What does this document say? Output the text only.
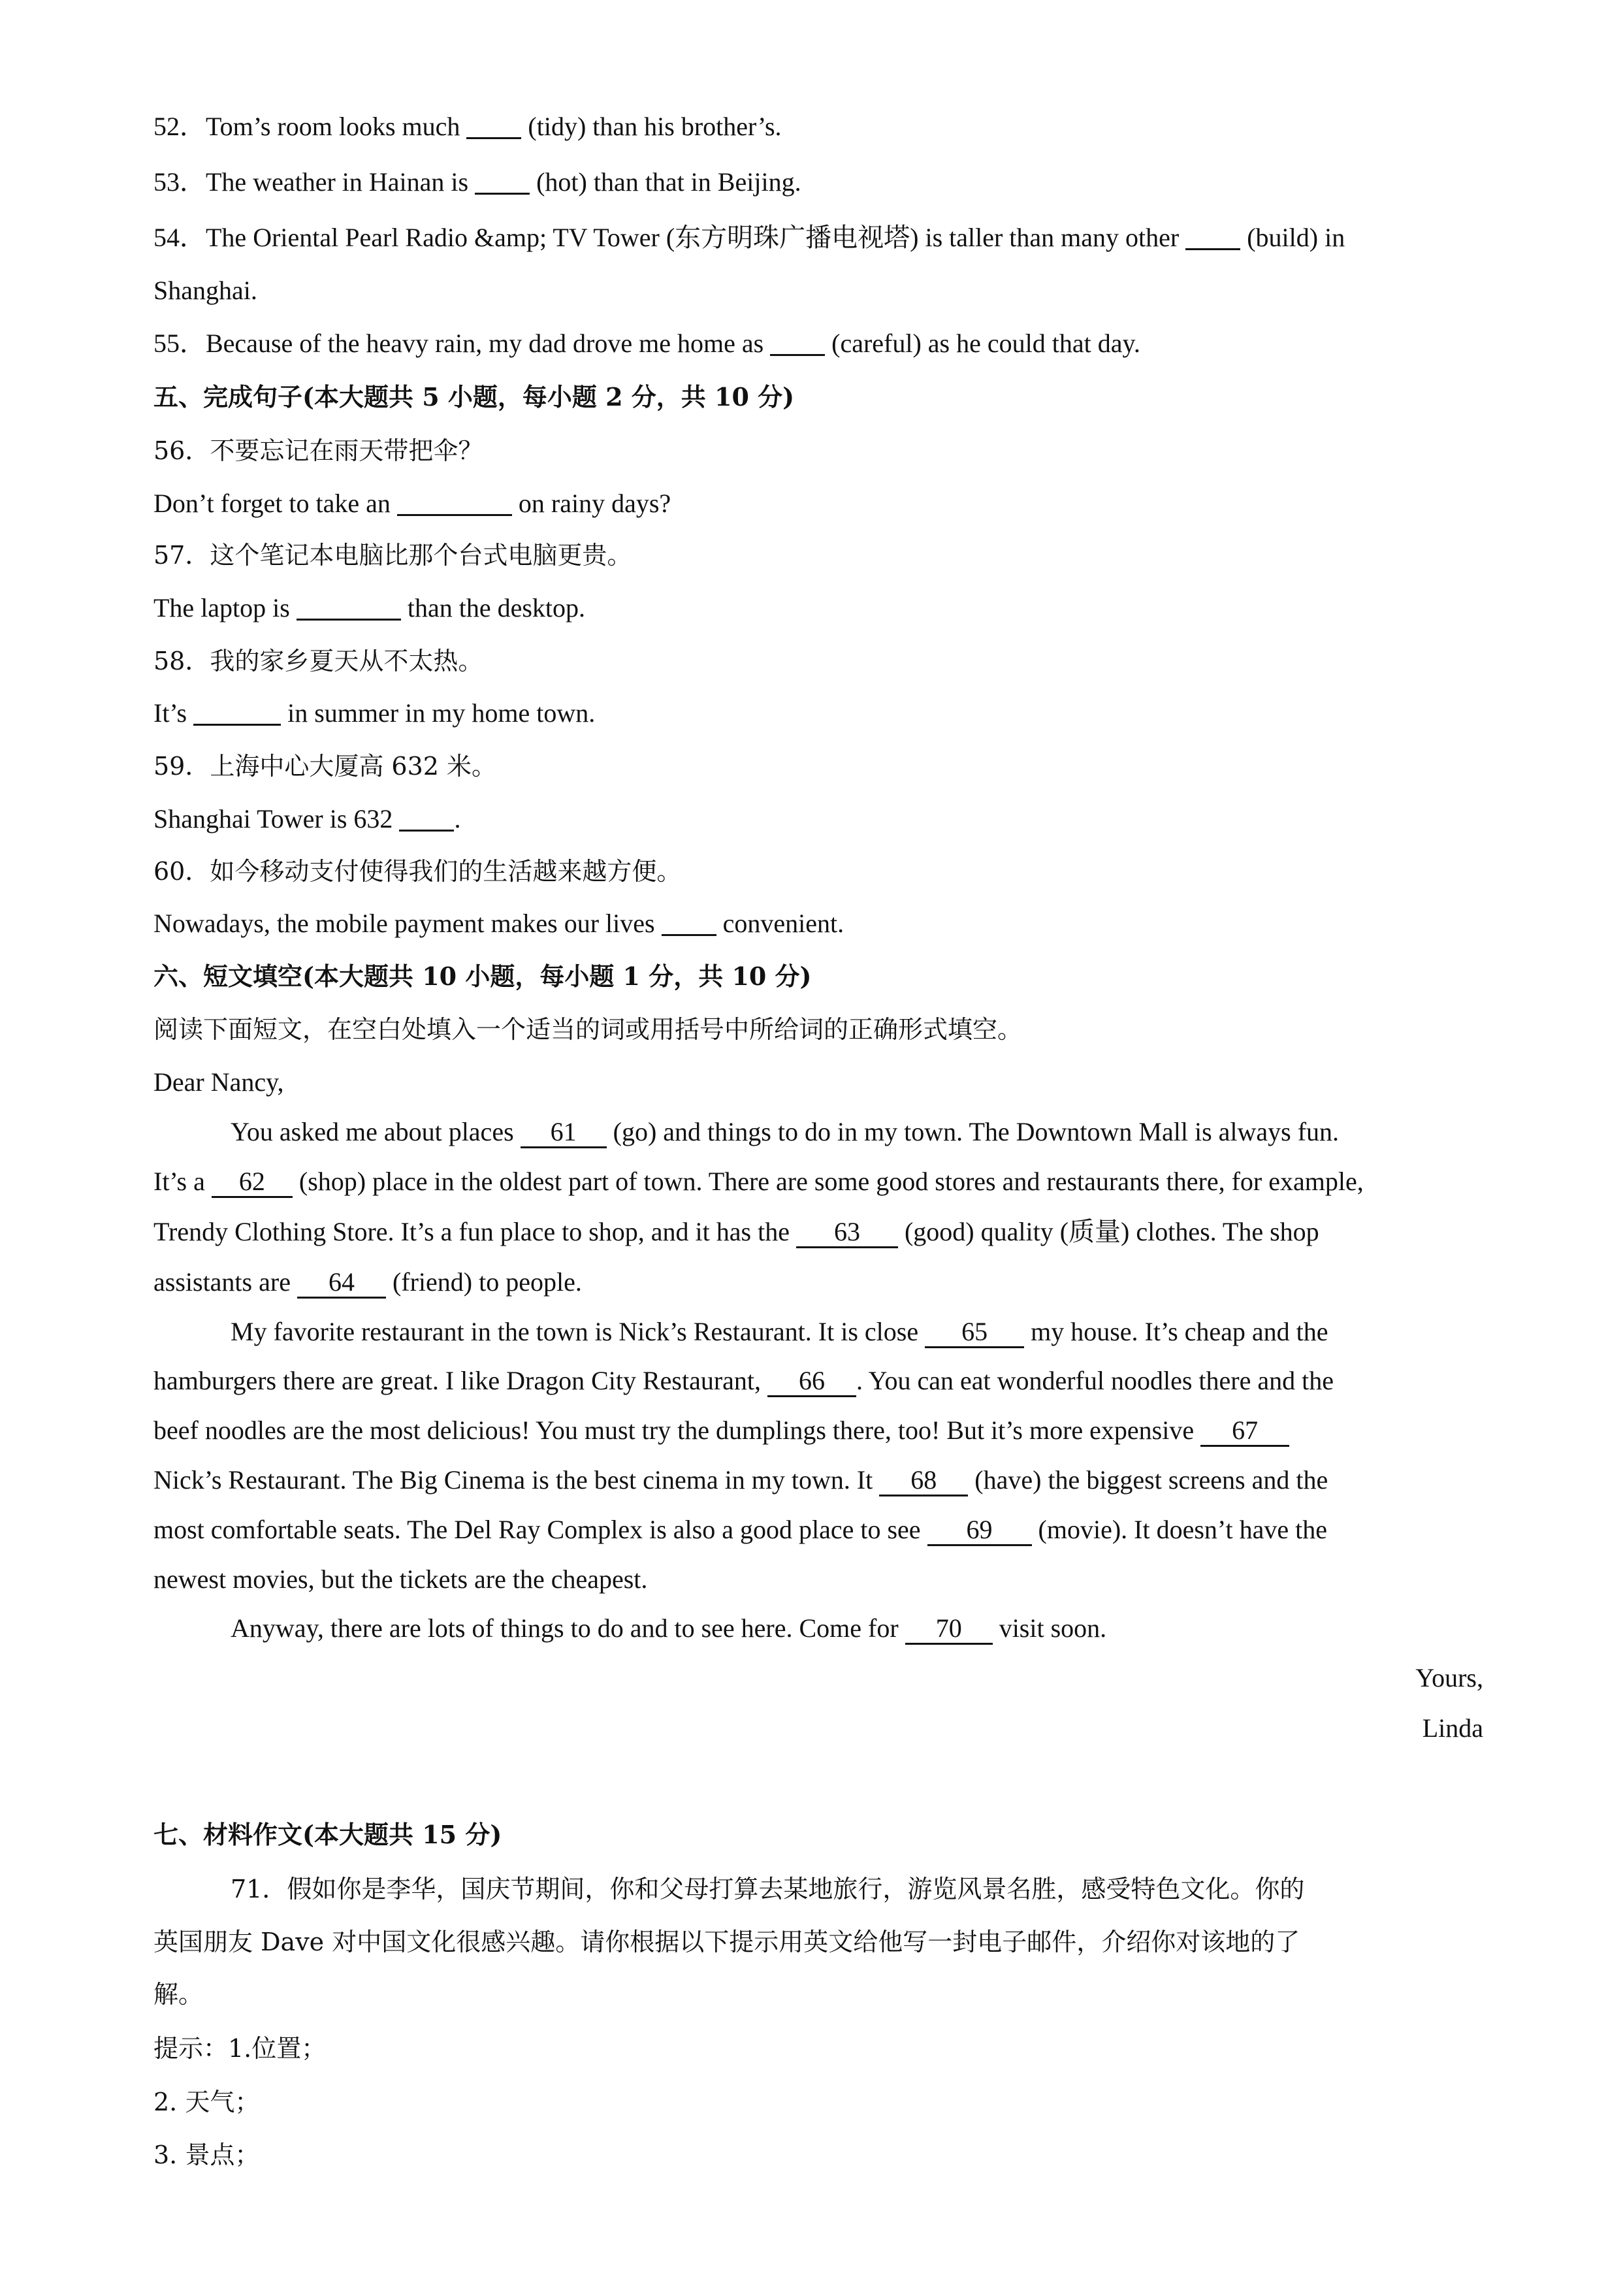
52．Tom’s room looks much  (tidy) than his brother’s.
53．The weather in Hainan is  (hot) than that in Beijing.
54．The Oriental Pearl Radio &amp; TV Tower (东方明珠广播电视塔) is taller than many other  (build) in
Shanghai.
55．Because of the heavy rain, my dad drove me home as  (careful) as he could that day.
五、完成句子(本大题共 5 小题，每小题 2 分，共 10 分)
56．不要忘记在雨天带把伞？
Don’t forget to take an	on rainy days?
57．这个笔记本电脑比那个台式电脑更贵。
The laptop is	than the desktop.
58．我的家乡夏天从不太热。
It’s	in summer in my home town.
59．上海中心大厦高 632 米。
Shanghai Tower is 632 .
60．如今移动支付使得我们的生活越来越方便。
Nowadays, the mobile payment makes our lives  convenient.
六、短文填空(本大题共 10 小题，每小题 1 分，共 10 分)
阅读下面短文，在空白处填入一个适当的词或用括号中所给词的正确形式填空。
Dear Nancy,
You asked me about places 61 (go) and things to do in my town. The Downtown Mall is always fun.
It’s a 62 (shop) place in the oldest part of town. There are some good stores and restaurants there, for example,
Trendy Clothing Store. It’s a fun place to shop, and it has the 63 (good) quality (质量) clothes. The shop
assistants are 64 (friend) to people.
My favorite restaurant in the town is Nick’s Restaurant. It is close 65 my house. It’s cheap and the
hamburgers there are great. I like Dragon City Restaurant, 66 . You can eat wonderful noodles there and the
beef noodles are the most delicious! You must try the dumplings there, too! But it’s more expensive 67
Nick’s Restaurant. The Big Cinema is the best cinema in my town. It 68 (have) the biggest screens and the
most comfortable seats. The Del Ray Complex is also a good place to see 69 (movie). It doesn’t have the
newest movies, but the tickets are the cheapest.
Anyway, there are lots of things to do and to see here. Come for 70 visit soon.
Yours,
Linda
七、材料作文(本大题共 15 分)
71．假如你是李华，国庆节期间，你和父母打算去某地旅行，游览风景名胜，感受特色文化。你的
英国朋友 Dave 对中国文化很感兴趣。请你根据以下提示用英文给他写一封电子邮件，介绍你对该地的了
解。
提示：1.位置；
2. 天气；
3. 景点；
